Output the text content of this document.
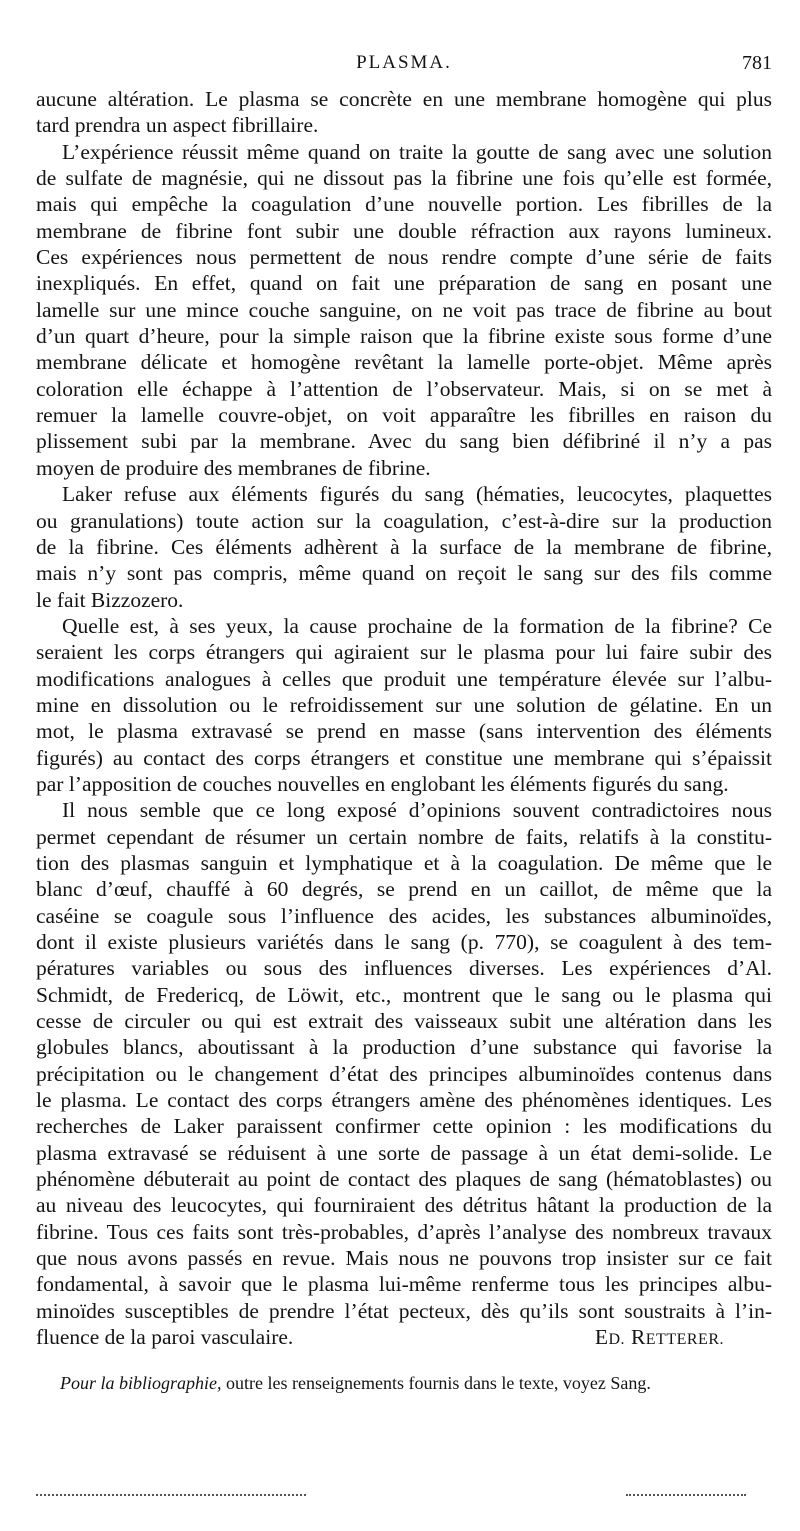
PLASMA.	781
aucune altération. Le plasma se concrète en une membrane homogène qui plus
tard prendra un aspect fibrillaire.
L’expérience réussit même quand on traite la goutte de sang avec une solution
de sulfate de magnésie, qui ne dissout pas la fibrine une fois qu’elle est formée,
mais qui empêche la coagulation d’une nouvelle portion. Les fibrilles de la
membrane de fibrine font subir une double réfraction aux rayons lumineux.
Ces expériences nous permettent de nous rendre compte d’une série de faits
inexpliqués. En effet, quand on fait une préparation de sang en posant une
lamelle sur une mince couche sanguine, on ne voit pas trace de fibrine au bout
d’un quart d’heure, pour la simple raison que la fibrine existe sous forme d’une
membrane délicate et homogène revêtant la lamelle porte-objet. Même après
coloration elle échappe à l’attention de l’observateur. Mais, si on se met à
remuer la lamelle couvre-objet, on voit apparaître les fibrilles en raison du
plissement subi par la membrane. Avec du sang bien défibriné il n’y a pas
moyen de produire des membranes de fibrine.
Laker refuse aux éléments figurés du sang (hématies, leucocytes, plaquettes
ou granulations) toute action sur la coagulation, c’est-à-dire sur la production
de la fibrine. Ces éléments adhèrent à la surface de la membrane de fibrine,
mais n’y sont pas compris, même quand on reçoit le sang sur des fils comme
le fait Bizzozero.
Quelle est, à ses yeux, la cause prochaine de la formation de la fibrine? Ce
seraient les corps étrangers qui agiraient sur le plasma pour lui faire subir des
modifications analogues à celles que produit une température élevée sur l’albu-
mine en dissolution ou le refroidissement sur une solution de gélatine. En un
mot, le plasma extravasé se prend en masse (sans intervention des éléments
figurés) au contact des corps étrangers et constitue une membrane qui s’épaissit
par l’apposition de couches nouvelles en englobant les éléments figurés du sang.
Il nous semble que ce long exposé d’opinions souvent contradictoires nous
permet cependant de résumer un certain nombre de faits, relatifs à la constitu-
tion des plasmas sanguin et lymphatique et à la coagulation. De même que le
blanc d’œuf, chauffé à 60 degrés, se prend en un caillot, de même que la
caséine se coagule sous l’influence des acides, les substances albuminoïdes,
dont il existe plusieurs variétés dans le sang (p. 770), se coagulent à des tem-
pératures variables ou sous des influences diverses. Les expériences d’Al.
Schmidt, de Fredericq, de Löwit, etc., montrent que le sang ou le plasma qui
cesse de circuler ou qui est extrait des vaisseaux subit une altération dans les
globules blancs, aboutissant à la production d’une substance qui favorise la
précipitation ou le changement d’état des principes albuminoïdes contenus dans
le plasma. Le contact des corps étrangers amène des phénomènes identiques. Les
recherches de Laker paraissent confirmer cette opinion : les modifications du
plasma extravasé se réduisent à une sorte de passage à un état demi-solide. Le
phénomène débuterait au point de contact des plaques de sang (hématoblastes) ou
au niveau des leucocytes, qui fourniraient des détritus hâtant la production de la
fibrine. Tous ces faits sont très-probables, d’après l’analyse des nombreux travaux
que nous avons passés en revue. Mais nous ne pouvons trop insister sur ce fait
fondamental, à savoir que le plasma lui-même renferme tous les principes albu-
minoïdes susceptibles de prendre l’état pecteux, dès qu’ils sont soustraits à l’in-
fluence de la paroi vasculaire.	ED. RETTERER.
Pour la bibliographie, outre les renseignements fournis dans le texte, voyez Sang.
